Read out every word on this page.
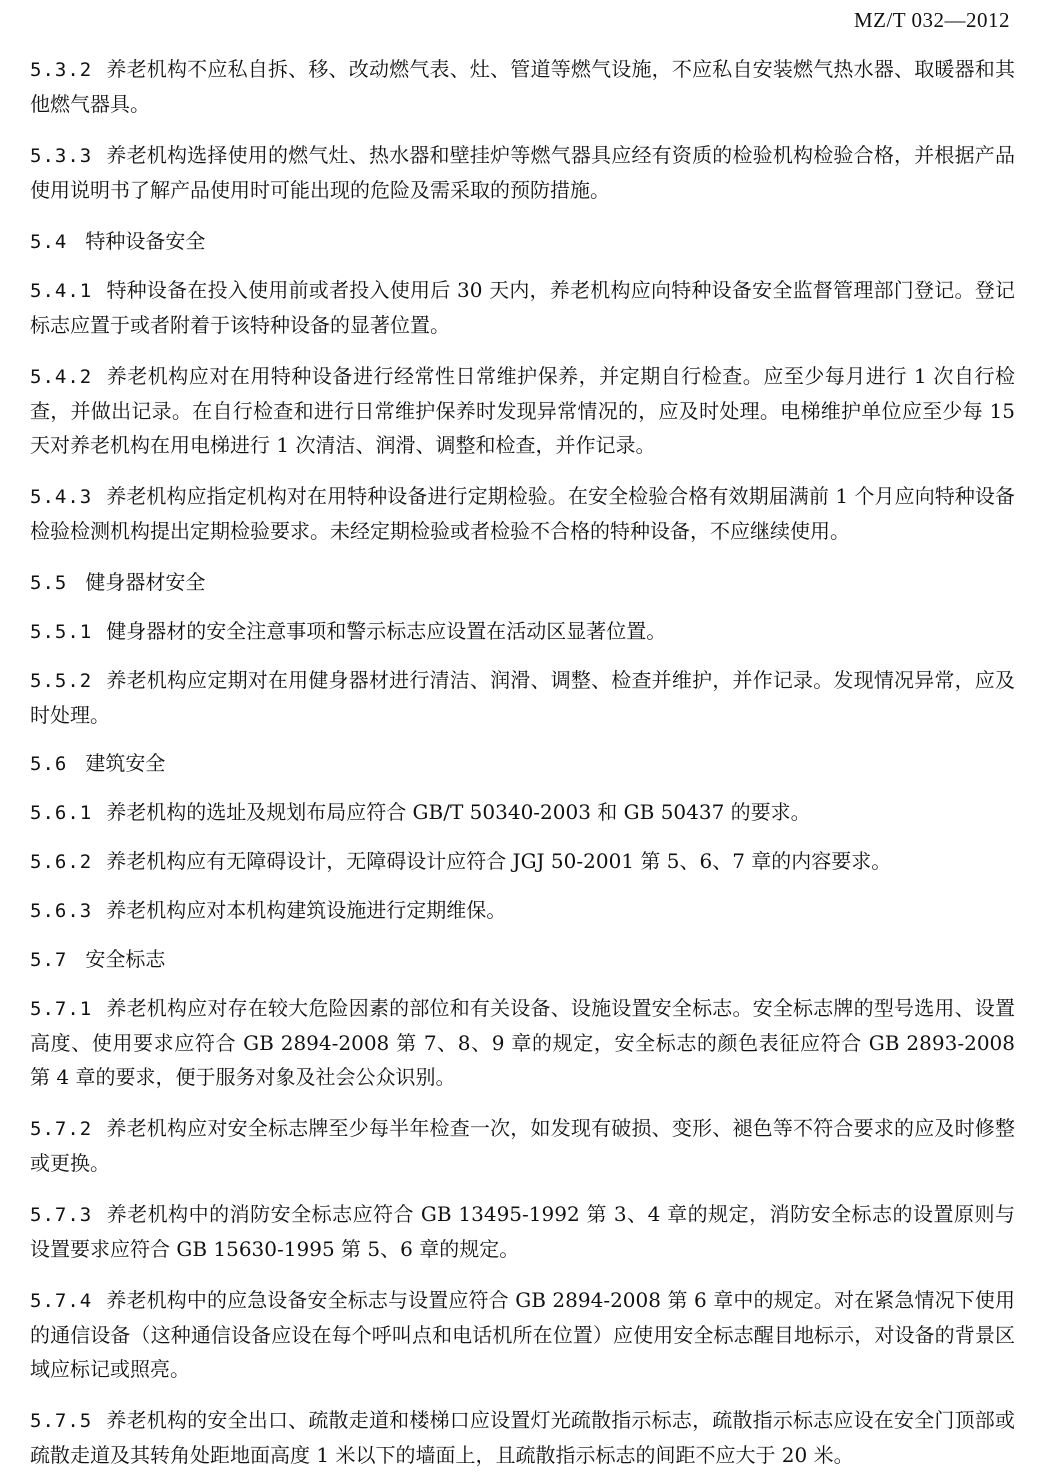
MZ/T 032—2012

5.3.2 养老机构不应私自拆、移、改动燃气表、灶、管道等燃气设施，不应私自安装燃气热水器、取暖器和其他燃气器具。

5.3.3 养老机构选择使用的燃气灶、热水器和壁挂炉等燃气器具应经有资质的检验机构检验合格，并根据产品使用说明书了解产品使用时可能出现的危险及需采取的预防措施。

5.4 特种设备安全

5.4.1 特种设备在投入使用前或者投入使用后 30 天内，养老机构应向特种设备安全监督管理部门登记。登记标志应置于或者附着于该特种设备的显著位置。

5.4.2 养老机构应对在用特种设备进行经常性日常维护保养，并定期自行检查。应至少每月进行 1 次自行检查，并做出记录。在自行检查和进行日常维护保养时发现异常情况的，应及时处理。电梯维护单位应至少每 15 天对养老机构在用电梯进行 1 次清洁、润滑、调整和检查，并作记录。

5.4.3 养老机构应指定机构对在用特种设备进行定期检验。在安全检验合格有效期届满前 1 个月应向特种设备检验检测机构提出定期检验要求。未经定期检验或者检验不合格的特种设备，不应继续使用。

5.5 健身器材安全

5.5.1 健身器材的安全注意事项和警示标志应设置在活动区显著位置。

5.5.2 养老机构应定期对在用健身器材进行清洁、润滑、调整、检查并维护，并作记录。发现情况异常，应及时处理。

5.6 建筑安全

5.6.1 养老机构的选址及规划布局应符合 GB/T 50340-2003 和 GB 50437 的要求。

5.6.2 养老机构应有无障碍设计，无障碍设计应符合 JGJ 50-2001 第 5、6、7 章的内容要求。

5.6.3 养老机构应对本机构建筑设施进行定期维保。

5.7 安全标志

5.7.1 养老机构应对存在较大危险因素的部位和有关设备、设施设置安全标志。安全标志牌的型号选用、设置高度、使用要求应符合 GB 2894-2008 第 7、8、9 章的规定，安全标志的颜色表征应符合 GB 2893-2008 第 4 章的要求，便于服务对象及社会公众识别。

5.7.2 养老机构应对安全标志牌至少每半年检查一次，如发现有破损、变形、褪色等不符合要求的应及时修整或更换。

5.7.3 养老机构中的消防安全标志应符合 GB 13495-1992 第 3、4 章的规定，消防安全标志的设置原则与设置要求应符合 GB 15630-1995 第 5、6 章的规定。

5.7.4 养老机构中的应急设备安全标志与设置应符合 GB 2894-2008 第 6 章中的规定。对在紧急情况下使用的通信设备（这种通信设备应设在每个呼叫点和电话机所在位置）应使用安全标志醒目地标示，对设备的背景区域应标记或照亮。

5.7.5 养老机构的安全出口、疏散走道和楼梯口应设置灯光疏散指示标志，疏散指示标志应设在安全门顶部或疏散走道及其转角处距地面高度 1 米以下的墙面上，且疏散指示标志的间距不应大于 20 米。
